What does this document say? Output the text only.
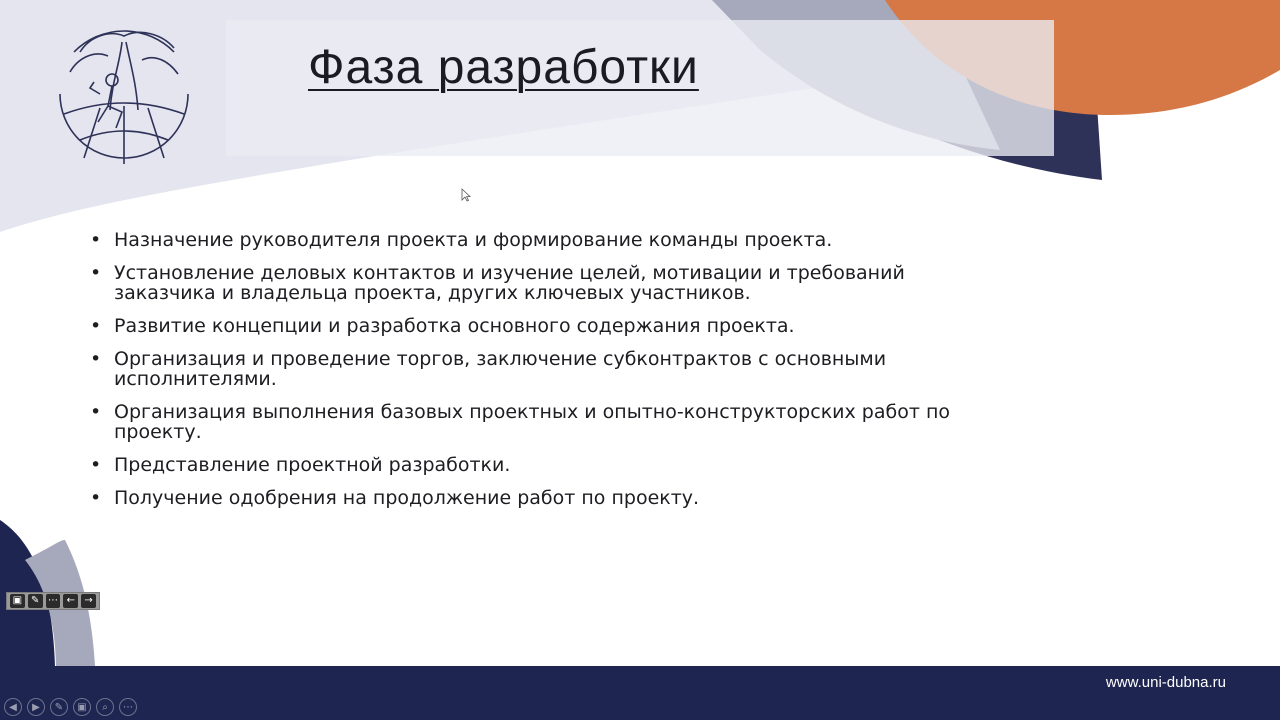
Фаза разработки
• Назначение руководителя проекта и формирование команды проекта.
• Установление деловых контактов и изучение целей, мотивации и требований заказчика и владельца проекта, других ключевых участников.
• Развитие концепции и разработка основного содержания проекта.
• Организация и проведение торгов, заключение субконтрактов с основными исполнителями.
• Организация выполнения базовых проектных и опытно-конструкторских работ по проекту.
• Представление проектной разработки.
• Получение одобрения на продолжение работ по проекту.
www.uni-dubna.ru
▣ ✎ ⋯ ← →
◀	▶	✎	▣	⌕	⋯
